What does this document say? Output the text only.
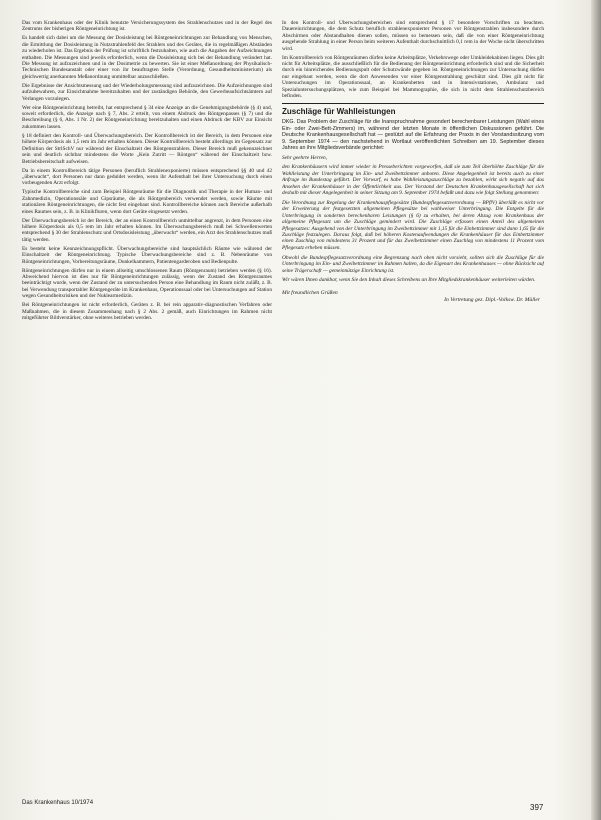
Das vom Krankenhaus oder der Klinik benutzte Versicherungssystem des Strahlenschutzes und in der Regel des Zentrums der bisherigen Röntgeneinrichtung ist.

Es handelt sich dabei um die Messung der Dosisleistung bei Röntgeneinrichtungen zur Behandlung von Menschen, die Ermittlung der Dosisleistung in Nutzstrahlenfeld des Strahlers und des Gerätes, die in regelmäßigen Abständen zu wiederholen ist. Das Ergebnis der Prüfung ist schriftlich festzuhalten, wie auch die Angaben der Aufzeichnungen enthalten. Die Messungen sind jeweils erforderlich, wenn die Dosisleistung sich bei der Behandlung verändert hat. Die Messung ist aufzuzeichnen und in der Dosimetrie zu bewerten. Sie ist einer Meßanordnung der Physikalisch-Technischen Bundesanstalt oder einer von ihr beauftragten Stelle (Verordnung, Gesundheitsministerium) als gleichwertig anerkannten Meßanordnung unmittelbar anzuschließen.

Die Ergebnisse der Ansichtsmessung und der Wiederholungsmessung sind aufzuzeichnen. Die Aufzeichnungen sind aufzubewahren, zur Einsichtnahme bereitzuhalten und der zuständigen Behörde, den Gewerbeaufsichtsämtern auf Verlangen vorzulegen.

Wer eine Röntgeneinrichtung betreibt, hat entsprechend § 34 eine Anzeige an die Genehmigungsbehörde (§ 4) und, soweit erforderlich, die Anzeige nach § 7, Abs. 2 erteilt, von einem Abdruck des Röntgenpasses (§ 7) und die Beschreibung (§ 6, Abs. 1 Nr. 2) der Röntgeneinrichtung bereitzuhalten und einen Abdruck der KBV zur Einsicht zukommen lassen.

§ 18 definiert den Kontroll- und Überwachungsbereich. Der Kontrollbereich ist der Bereich, in dem Personen eine höhere Körperdosis als 1,5 rem im Jahr erhalten können. Dieser Kontrollbereich besteht allerdings im Gegensatz zur Definition der StrlSchV nur während der Einschaltzeit des Röntgenstrahlers. Dieser Bereich muß gekennzeichnet sein und deutlich sichtbar mindestens die Worte „Kein Zutritt — Röntgen“ während der Einschaltzeit bzw. Betriebsbereitschaft aufweisen.

Da in einem Kontrollbereich tätige Personen (beruflich Strahlenexponierte) müssen entsprechend §§ 40 und 42 „überwacht“, dort Personen nur dann geduldet werden, wenn ihr Aufenthalt bei ihrer Untersuchung durch einen vorbeugenden Arzt erfolgt.

Typische Kontrollbereiche sind zum Beispiel Röntgenräume für die Diagnostik und Therapie in der Human- und Zahnmedizin, Operationssäle und Gipsräume, die als Röntgenbereich verwendet werden, sowie Räume mit stationären Röntgeneinrichtungen, die nicht fest eingebaut sind. Kontrollbereiche können auch Bereiche außerhalb eines Raumes sein, z. B. in Klinikfluren, wenn dort Geräte eingesetzt werden.

Der Überwachungsbereich ist der Bereich, der an einen Kontrollbereich unmittelbar angrenzt, in dem Personen eine höhere Körperdosis als 0,5 rem im Jahr erhalten können. Im Überwachungsbereich muß bei Schwellenwerten entsprechend § 30 der Strahlenschutz und Ortsdosisleistung „überwacht“ werden, ein Arzt des Strahlenschutzes muß tätig werden.

Es besteht keine Kennzeichnungspflicht. Überwachungsbereiche sind hauptsächlich Räume wie während der Einschaltzeit der Röntgeneinrichtung. Typische Überwachungsbereiche sind z. B. Nebenräume von Röntgeneinrichtungen, Vorbereitungsräume, Dunkelkammern, Patientengarderoben und Bedienpulte.

Röntgeneinrichtungen dürfen nur in einem allseitig umschlossenen Raum (Röntgenraum) betrieben werden (§ 16). Abweichend hiervon ist dies nur für Röntgeneinrichtungen zulässig, wenn der Zustand des Röntgenraumes beeinträchtigt wurde, wenn der Zustand der zu untersuchenden Person eine Behandlung im Raum nicht zuläßt, z. B. bei Verwendung transportabler Röntgengeräte im Krankenhaus, Operationssaal oder bei Untersuchungen auf Station wegen Gesundheitsrisiken und der Nuklearmedizin.

Bei Röntgeneinrichtungen ist nicht erforderlich, Geräten z. B. bei rein apparativ-diagnostischen Verfahren oder Maßnahmen, die in diesem Zusammenhang nach § 2 Abs. 2 gemäß, auch Einrichtungen im Rahmen nicht mitgeführter Bildverstärker, ohne weiteres betrieben werden.

In den Kontroll- und Überwachungsbereichen sind entsprechend § 17 besondere Vorschriften zu beachten. Dauereinrichtungen, die dem Schutz beruflich strahlenexponierter Personen vor Röntgenstrahlen insbesondere durch Abschirmen oder Abstandhalten dienen sollen, müssen so bemessen sein, daß die von einer Röntgeneinrichtung ausgehende Strahlung in einer Person beim weiteren Aufenthalt durchschnittlich 0,1 rem in der Woche nicht überschritten wird.

Im Kontrollbereich von Röntgenräumen dürfen keine Arbeitsplätze, Verkehrswege oder Umkleidekabinen liegen. Dies gilt nicht für Arbeitsplätze, die ausschließlich für die Bedienung der Röntgeneinrichtung erforderlich sind und die Sicherheit durch ein hinreichendes Bedienungspult oder Schutzwände gegeben ist. Röntgeneinrichtungen zur Untersuchung dürfen nur eingebaut werden, wenn die dort Anwesenden vor einer Röntgenstrahlung geschützt sind. Dies gilt nicht für Untersuchungen im Operationssaal, an Krankenbetten und in Intensivstationen, Ambulanz und Spezialuntersuchungsplätzen, wie zum Beispiel bei Mammographie, die sich in nicht dem Strahlenschutzbereich befinden.

Zuschläge für Wahlleistungen

DKG. Das Problem der Zuschläge für die Inanspruchnahme gesondert berechenbarer Leistungen (Wahl eines Ein- oder Zwei-Bett-Zimmers) im, während der letzten Monate in öffentlichen Diskussionen geführt. Die Deutsche Krankenhausgesellschaft hat — gestützt auf die Erfahrung der Praxis in der Vorstandssitzung vom 9. September 1974 — den nachstehend in Wortlaut veröffentlichten Schreiben am 19. September dieses Jahres an ihre Mitgliedsverbände gerichtet:

Sehr geehrte Herren,

den Krankenhäusern wird immer wieder in Presseberichten vorgeworfen, daß sie zum Teil überhöhte Zuschläge für die Wahlleistung der Unterbringung im Ein- und Zweibettzimmer anboten. Diese Angelegenheit ist bereits auch zu einer Anfrage im Bundestag geführt. Der Vorwurf, es habe Wahlleistungszuschläge zu bezahlen, wirkt sich negativ auf das Ansehen der Krankenhäuser in der Öffentlichkeit aus. Der Vorstand der Deutschen Krankenhausgesellschaft hat sich deshalb mit dieser Angelegenheit in seiner Sitzung am 9. September 1974 befaßt und dazu wie folgt Stellung genommen:

Die Verordnung zur Regelung der Krankenhauspflegesätze (Bundespflegesatzverordnung — BPflV) überläßt es nicht vor der Erweiterung der festgesetzten allgemeinen Pflegesätze bei wahlweiser Unterbringung. Die Entgelte für die Unterbringung in sonderten berechenbaren Leistungen (§ 6) zu erhalten, bei deren Abzug vom Krankenhaus der allgemeine Pflegesatz um die Zuschläge gemindert wird. Die Zuschläge erfassen einen Anteil des allgemeinen Pflegesatzes: Ausgehend von der Unterbringung im Zweibettzimmer mit 1,15 für die Einbettzimmer sind dann 1,65 für die Zuschläge festzulegen. Daraus folgt, daß bei höheren Kostenaufwendungen die Krankenhäuser für das Einbettzimmer einen Zuschlag von mindestens 31 Prozent und für das Zweibettzimmer einen Zuschlag von mindestens 11 Prozent vom Pflegesatz erheben müssen.

Obwohl die Bundespflegesatzverordnung eine Begrenzung nach oben nicht vorsieht, sollten sich die Zuschläge für die Unterbringung im Ein- und Zweibettzimmer im Rahmen halten, da die Eigenart des Krankenhauses — ohne Rücksicht auf seine Trägerschaft — gemeinnützige Einrichtung ist.

Wir wären Ihnen dankbar, wenn Sie den Inhalt dieses Schreibens an Ihre Mitgliedskrankenhäuser weiterleiten würden.

Mit freundlichen Grüßen
In Vertretung gez. Dipl.-Volksw. Dr. Müller
Das Krankenhaus 10/1974	397
